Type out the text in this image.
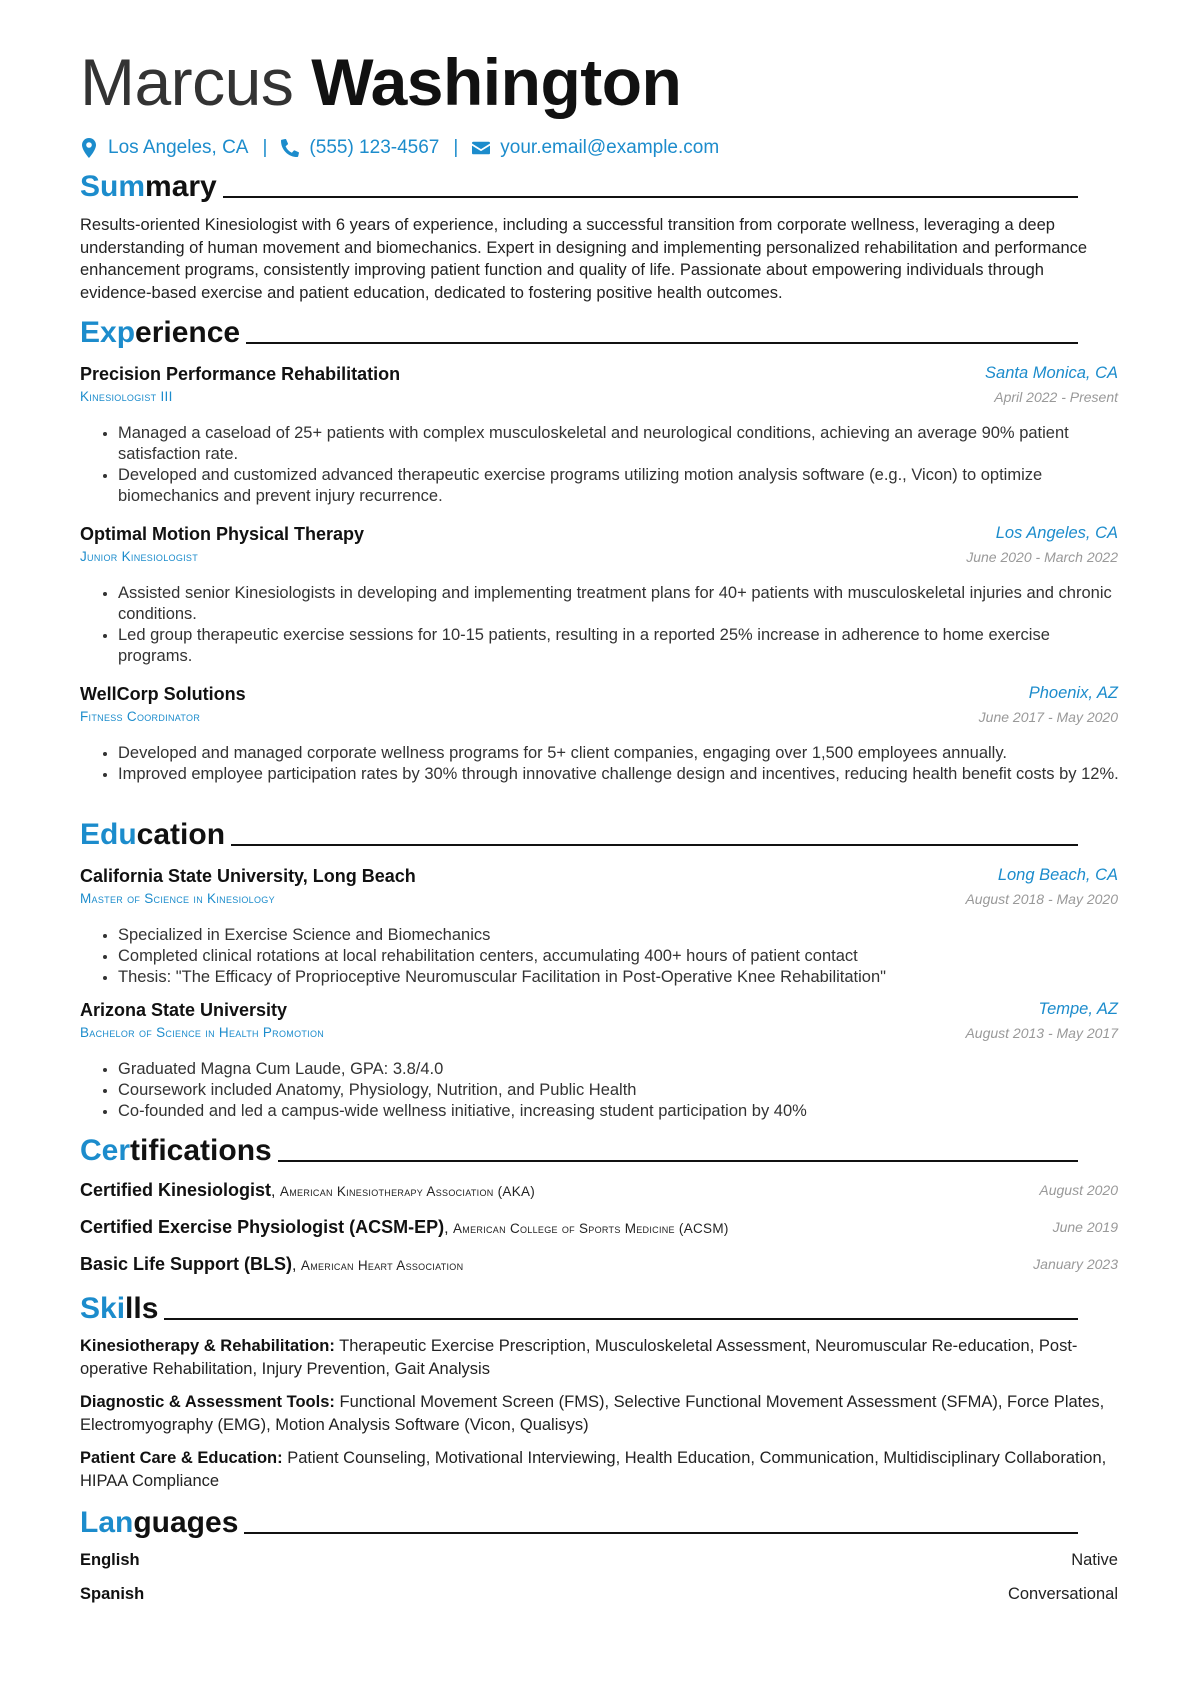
Marcus Washington
Los Angeles, CA | (555) 123-4567 | your.email@example.com
Sum mary

Results-oriented Kinesiologist with 6 years of experience, including a successful transition from corporate wellness, leveraging a deep understanding of human movement and biomechanics. Expert in designing and implementing personalized rehabilitation and performance enhancement programs, consistently improving patient function and quality of life. Passionate about empowering individuals through evidence-based exercise and patient education, dedicated to fostering positive health outcomes.

Exp erience
Precision Performance Rehabilitation	Santa Monica, CA
Kinesiologist III	April 2022 - Present
• Managed a caseload of 25+ patients with complex musculoskeletal and neurological conditions, achieving an average 90% patient satisfaction rate.
• Developed and customized advanced therapeutic exercise programs utilizing motion analysis software (e.g., Vicon) to optimize biomechanics and prevent injury recurrence.
Optimal Motion Physical Therapy	Los Angeles, CA
Junior Kinesiologist	June 2020 - March 2022
• Assisted senior Kinesiologists in developing and implementing treatment plans for 40+ patients with musculoskeletal injuries and chronic conditions.
• Led group therapeutic exercise sessions for 10-15 patients, resulting in a reported 25% increase in adherence to home exercise programs.
WellCorp Solutions	Phoenix, AZ
Fitness Coordinator	June 2017 - May 2020
• Developed and managed corporate wellness programs for 5+ client companies, engaging over 1,500 employees annually.
• Improved employee participation rates by 30% through innovative challenge design and incentives, reducing health benefit costs by 12%.
Edu cation
California State University, Long Beach	Long Beach, CA
Master of Science in Kinesiology	August 2018 - May 2020
• Specialized in Exercise Science and Biomechanics
• Completed clinical rotations at local rehabilitation centers, accumulating 400+ hours of patient contact
• Thesis: "The Efficacy of Proprioceptive Neuromuscular Facilitation in Post-Operative Knee Rehabilitation"
Arizona State University	Tempe, AZ
Bachelor of Science in Health Promotion	August 2013 - May 2017
• Graduated Magna Cum Laude, GPA: 3.8/4.0
• Coursework included Anatomy, Physiology, Nutrition, and Public Health
• Co-founded and led a campus-wide wellness initiative, increasing student participation by 40%
Cer tifications
Certified Kinesiologist, American Kinesiotherapy Association (AKA)	August 2020
Certified Exercise Physiologist (ACSM-EP), American College of Sports Medicine (ACSM)	June 2019
Basic Life Support (BLS), American Heart Association	January 2023
Ski lls

Kinesiotherapy & Rehabilitation: Therapeutic Exercise Prescription, Musculoskeletal Assessment, Neuromuscular Re-education, Post-operative Rehabilitation, Injury Prevention, Gait Analysis

Diagnostic & Assessment Tools: Functional Movement Screen (FMS), Selective Functional Movement Assessment (SFMA), Force Plates, Electromyography (EMG), Motion Analysis Software (Vicon, Qualisys)

Patient Care & Education: Patient Counseling, Motivational Interviewing, Health Education, Communication, Multidisciplinary Collaboration, HIPAA Compliance

Lan guages
English	Native
Spanish	Conversational
